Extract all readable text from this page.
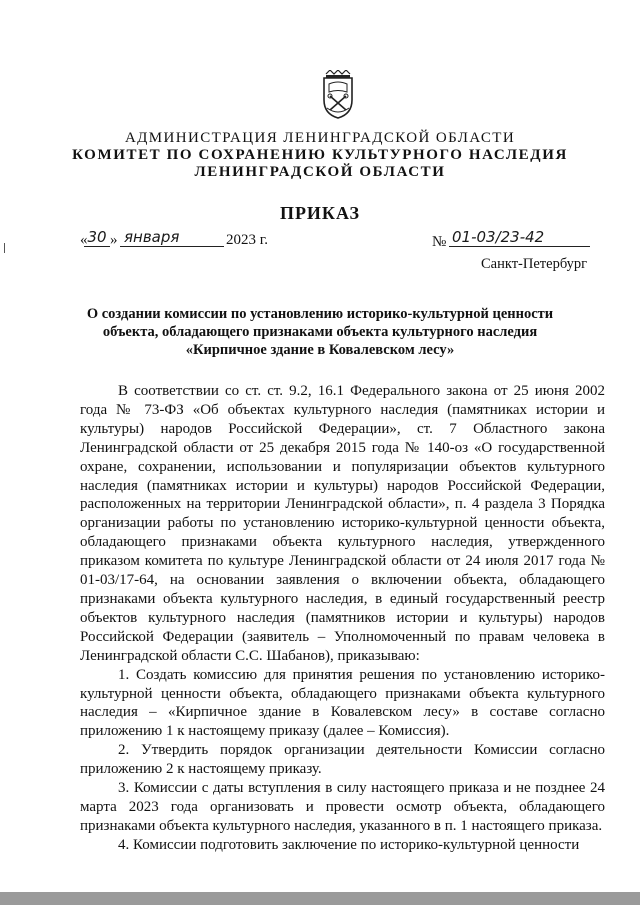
АДМИНИСТРАЦИЯ ЛЕНИНГРАДСКОЙ ОБЛАСТИ
КОМИТЕТ ПО СОХРАНЕНИЮ КУЛЬТУРНОГО НАСЛЕДИЯ
ЛЕНИНГРАДСКОЙ ОБЛАСТИ
ПРИКАЗ
« 30 » января	2023 г.	№ 01-03/23-42
Санкт-Петербург
О создании комиссии по установлению историко-культурной ценности
объекта, обладающего признаками объекта культурного наследия
«Кирпичное здание в Ковалевском лесу»

В соответствии со ст. ст. 9.2, 16.1 Федерального закона от 25 июня 2002 года № 73-ФЗ «Об объектах культурного наследия (памятниках истории и культуры) народов Российской Федерации», ст. 7 Областного закона Ленинградской области от 25 декабря 2015 года № 140-оз «О государственной охране, сохранении, использовании и популяризации объектов культурного наследия (памятниках истории и культуры) народов Российской Федерации, расположенных на территории Ленинградской области», п. 4 раздела 3 Порядка организации работы по установлению историко-культурной ценности объекта, обладающего признаками объекта культурного наследия, утвержденного приказом комитета по культуре Ленинградской области от 24 июля 2017 года № 01-03/17-64, на основании заявления о включении объекта, обладающего признаками объекта культурного наследия, в единый государственный реестр объектов культурного наследия (памятников истории и культуры) народов Российской Федерации (заявитель – Уполномоченный по правам человека в Ленинградской области С.С. Шабанов), приказываю:

1. Создать комиссию для принятия решения по установлению историко-культурной ценности объекта, обладающего признаками объекта культурного наследия – «Кирпичное здание в Ковалевском лесу» в составе согласно приложению 1 к настоящему приказу (далее – Комиссия).

2. Утвердить порядок организации деятельности Комиссии согласно приложению 2 к настоящему приказу.

3. Комиссии с даты вступления в силу настоящего приказа и не позднее 24 марта 2023 года организовать и провести осмотр объекта, обладающего признаками объекта культурного наследия, указанного в п. 1 настоящего приказа.

4. Комиссии подготовить заключение по историко-культурной ценности
